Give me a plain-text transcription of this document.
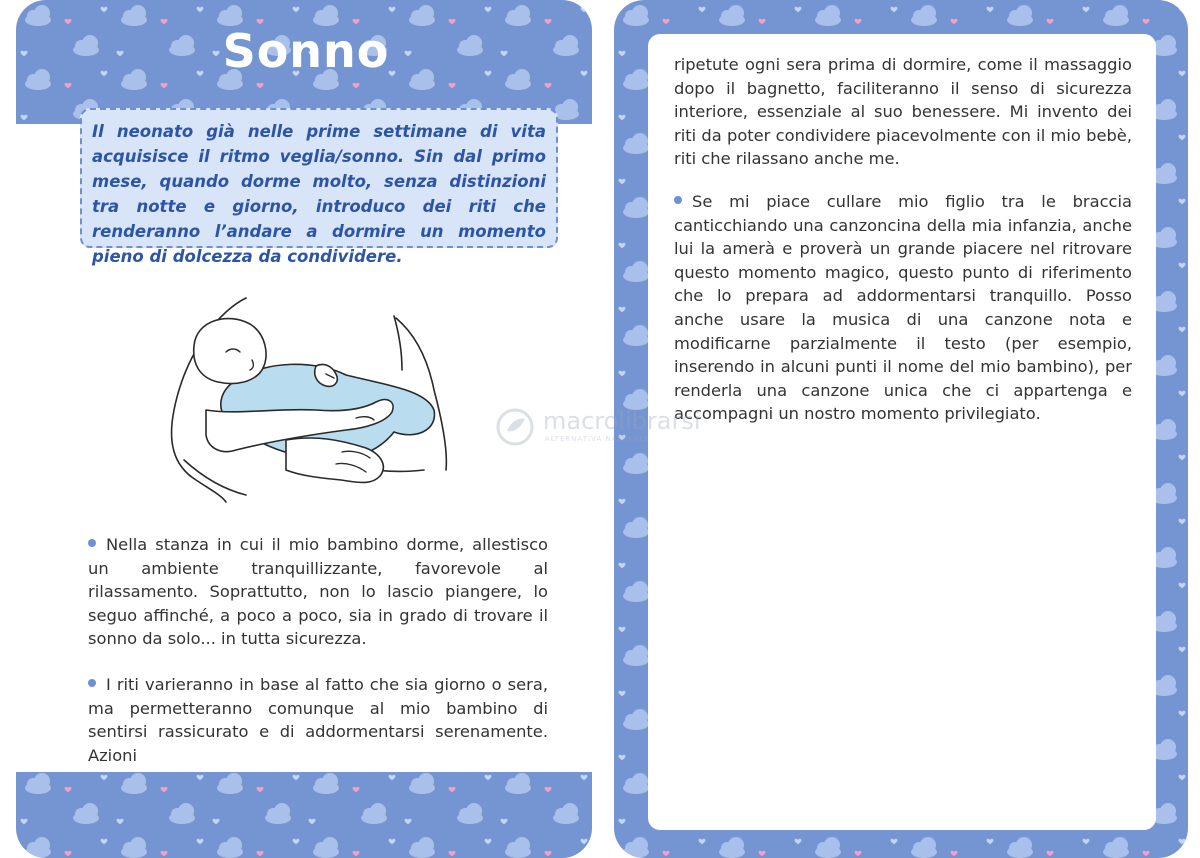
Sonno

Il neonato già nelle prime settimane di vita acquisisce il ritmo veglia/sonno. Sin dal primo mese, quando dorme molto, senza distinzioni tra notte e giorno, introduco dei riti che renderanno l’andare a dormire un momento pieno di dolcezza da condividere.

Nella stanza in cui il mio bambino dorme, allestisco un ambiente tranquillizzante, favorevole al rilassamento. Soprattutto, non lo lascio piangere, lo seguo affinché, a poco a poco, sia in grado di trovare il sonno da solo... in tutta sicurezza.

I riti varieranno in base al fatto che sia giorno o sera, ma permetteranno comunque al mio bambino di sentirsi rassicurato e di addormentarsi serenamente. Azioni

ripetute ogni sera prima di dormire, come il massaggio dopo il bagnetto, faciliteranno il senso di sicurezza interiore, essenziale al suo benessere. Mi invento dei riti da poter condividere piacevolmente con il mio bebè, riti che rilassano anche me.

Se mi piace cullare mio figlio tra le braccia canticchiando una canzoncina della mia infanzia, anche lui la amerà e proverà un grande piacere nel ritrovare questo momento magico, questo punto di riferimento che lo prepara ad addormentarsi tranquillo. Posso anche usare la musica di una canzone nota e modificarne parzialmente il testo (per esempio, inserendo in alcuni punti il nome del mio bambino), per renderla una canzone unica che ci appartenga e accompagni un nostro momento privilegiato.

macrolibrarsi
ALTERNATIVA NATURALE
